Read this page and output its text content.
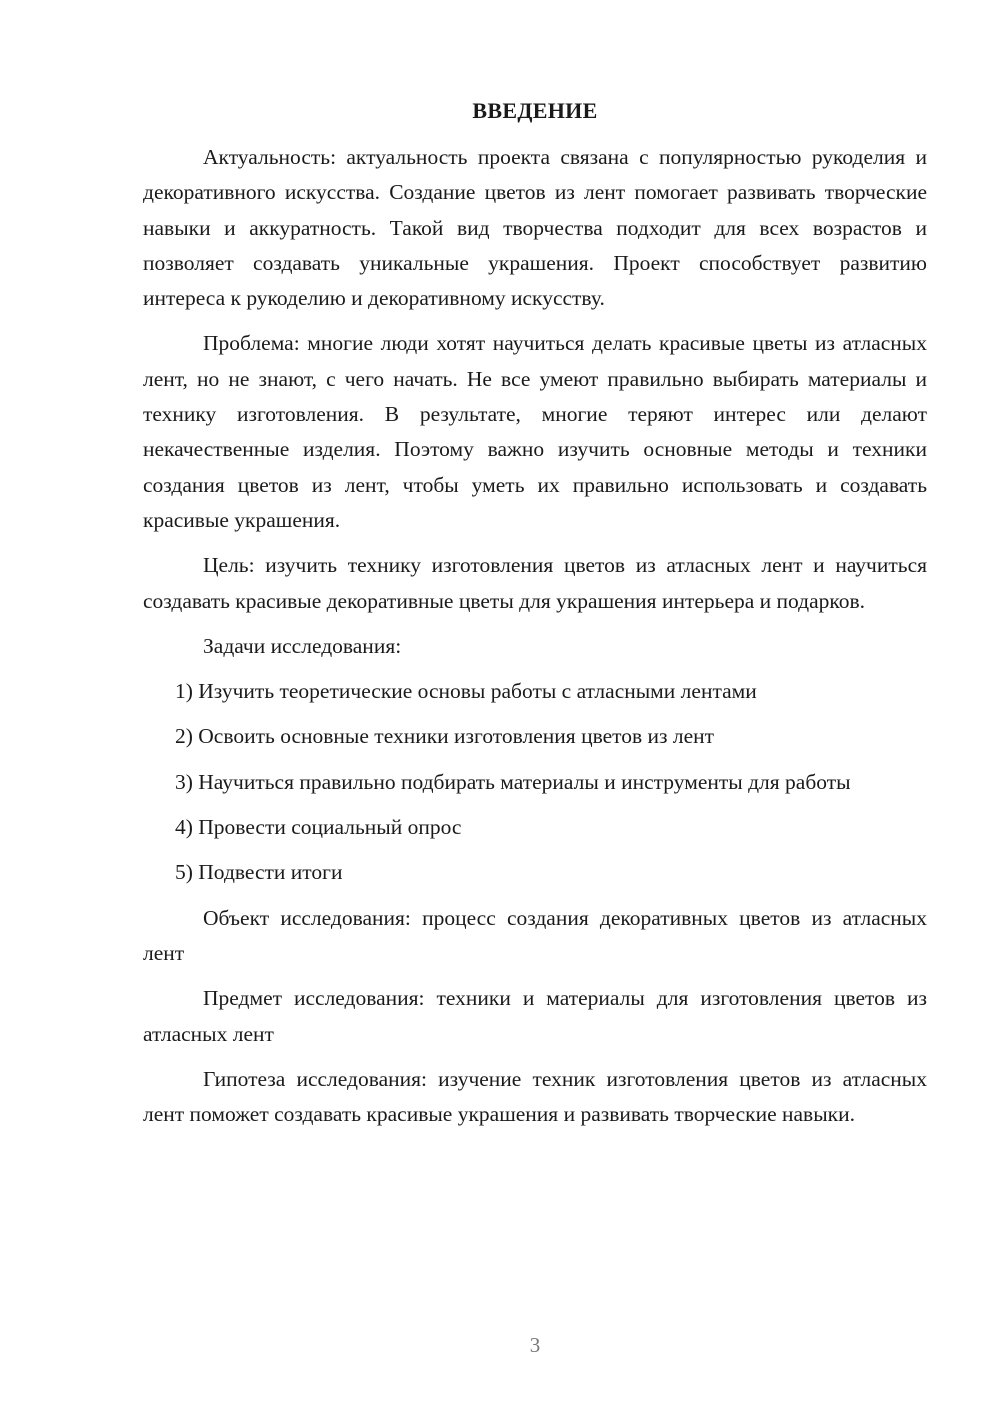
ВВЕДЕНИЕ

Актуальность: актуальность проекта связана с популярностью рукоделия и декоративного искусства. Создание цветов из лент помогает развивать творческие навыки и аккуратность. Такой вид творчества подходит для всех возрастов и позволяет создавать уникальные украшения. Проект способствует развитию интереса к рукоделию и декоративному искусству.

Проблема: многие люди хотят научиться делать красивые цветы из атласных лент, но не знают, с чего начать. Не все умеют правильно выбирать материалы и технику изготовления. В результате, многие теряют интерес или делают некачественные изделия. Поэтому важно изучить основные методы и техники создания цветов из лент, чтобы уметь их правильно использовать и создавать красивые украшения.

Цель: изучить технику изготовления цветов из атласных лент и научиться создавать красивые декоративные цветы для украшения интерьера и подарков.

Задачи исследования:

1) Изучить теоретические основы работы с атласными лентами

2) Освоить основные техники изготовления цветов из лент

3) Научиться правильно подбирать материалы и инструменты для работы

4) Провести социальный опрос

5) Подвести итоги

Объект исследования: процесс создания декоративных цветов из атласных лент

Предмет исследования: техники и материалы для изготовления цветов из атласных лент

Гипотеза исследования: изучение техник изготовления цветов из атласных лент поможет создавать красивые украшения и развивать творческие навыки.

3
